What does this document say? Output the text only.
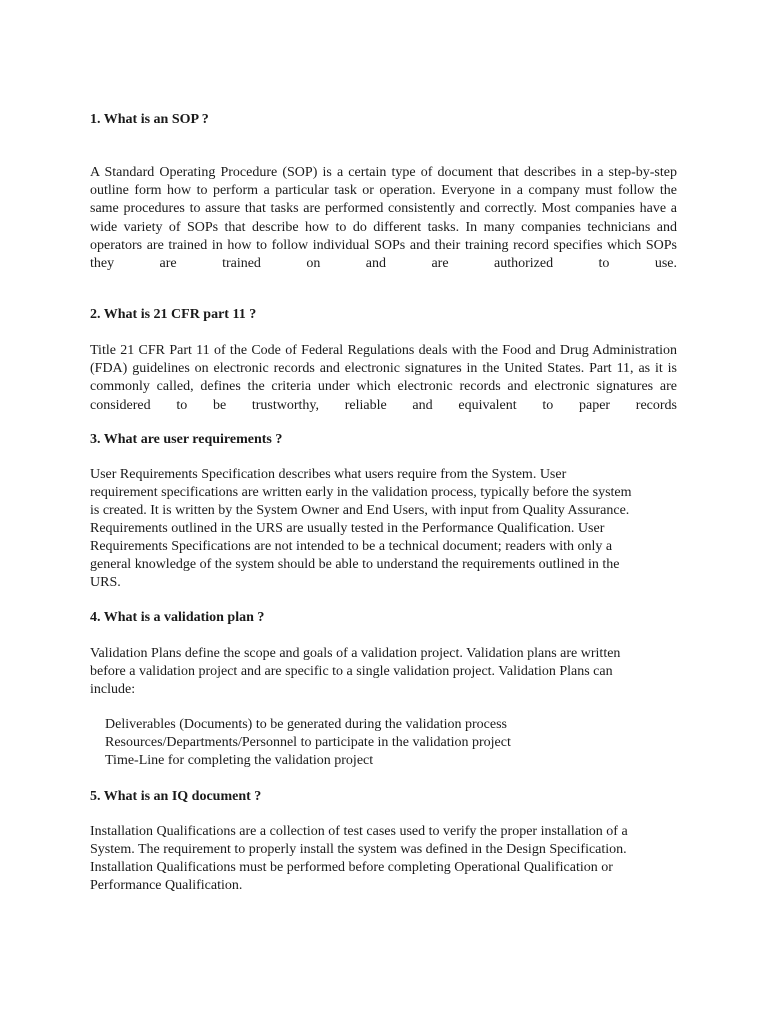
1. What is an SOP ?
A Standard Operating Procedure (SOP) is a certain type of document that describes in a step-by-step outline form how to perform a particular task or operation. Everyone in a company must follow the same procedures to assure that tasks are performed consistently and correctly. Most companies have a wide variety of SOPs that describe how to do different tasks. In many companies technicians and operators are trained in how to follow individual SOPs and their training record specifies which SOPs they are trained on and are authorized to use.
2. What is 21 CFR part 11 ?
Title 21 CFR Part 11 of the Code of Federal Regulations deals with the Food and Drug Administration (FDA) guidelines on electronic records and electronic signatures in the United States. Part 11, as it is commonly called, defines the criteria under which electronic records and electronic signatures are considered to be trustworthy, reliable and equivalent to paper records
3. What are user requirements ?
User Requirements Specification describes what users require from the System. User
requirement specifications are written early in the validation process, typically before the system
is created. It is written by the System Owner and End Users, with input from Quality Assurance.
Requirements outlined in the URS are usually tested in the Performance Qualification. User
Requirements Specifications are not intended to be a technical document; readers with only a
general knowledge of the system should be able to understand the requirements outlined in the
URS.
4. What is a validation plan ?
Validation Plans define the scope and goals of a validation project. Validation plans are written
before a validation project and are specific to a single validation project. Validation Plans can
include:
Deliverables (Documents) to be generated during the validation process
Resources/Departments/Personnel to participate in the validation project
Time-Line for completing the validation project
5. What is an IQ document ?
Installation Qualifications are a collection of test cases used to verify the proper installation of a
System. The requirement to properly install the system was defined in the Design Specification.
Installation Qualifications must be performed before completing Operational Qualification or
Performance Qualification.
